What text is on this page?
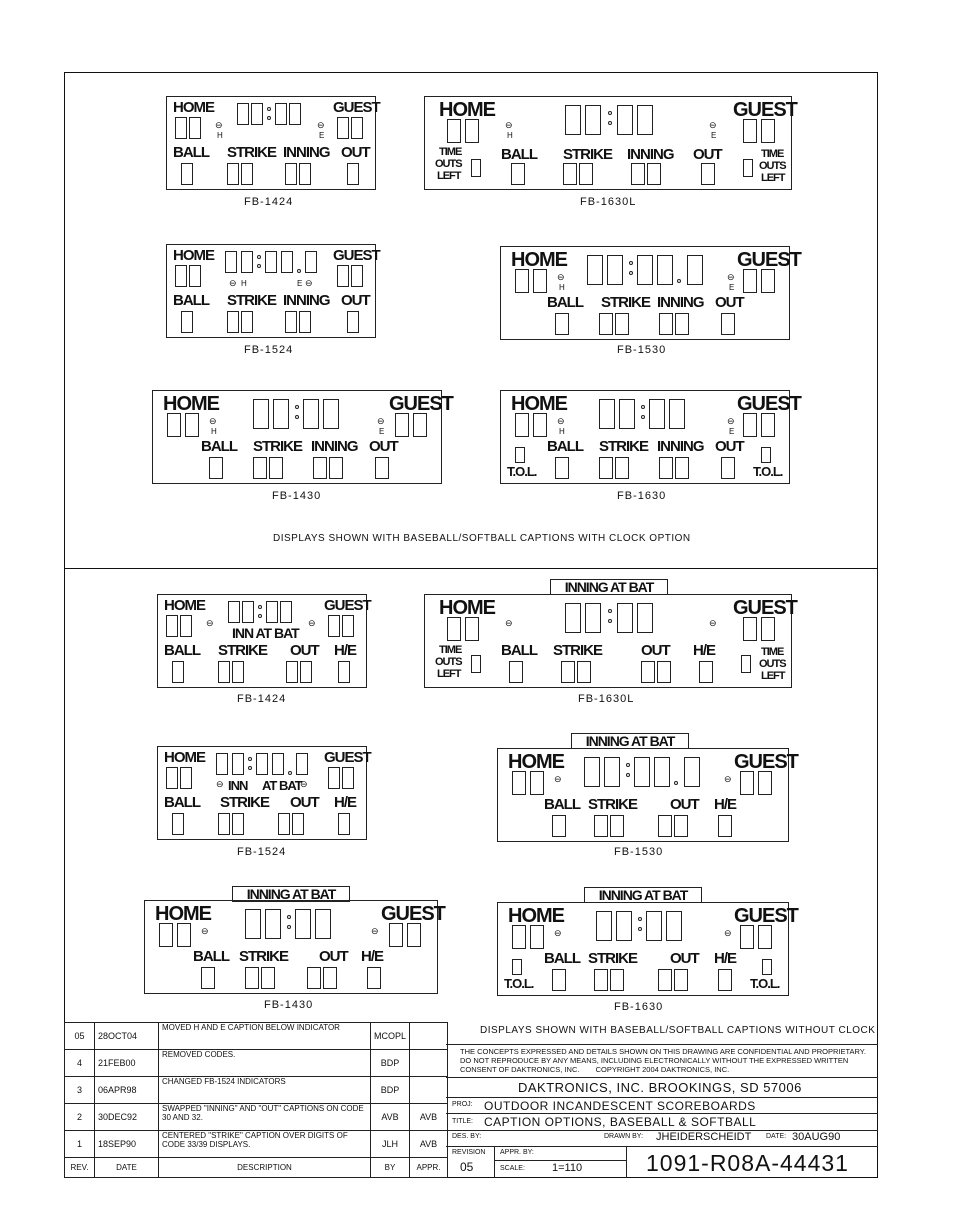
HOME	GUEST
⊖
H
⊖
E
BALL STRIKE INNING OUT
FB-1424
HOME	GUEST
⊖
H
⊖
E
TIME
OUTS
LEFT
BALL STRIKE INNING OUT	TIME
OUTS
LEFT
FB-1630L
HOME	GUEST
⊖ H	E ⊖
BALL STRIKE INNING OUT
FB-1524
HOME	GUEST
⊖
H
⊖
E
BALL STRIKE INNING OUT
FB-1530
HOME	GUEST
⊖
H
⊖
E
BALL STRIKE INNING OUT
FB-1430
HOME	GUEST
⊖
H
⊖
E
BALL STRIKE INNING OUT
T.O.L.	T.O.L.
FB-1630
DISPLAYS SHOWN WITH BASEBALL/SOFTBALL CAPTIONS WITH CLOCK OPTION
HOME	GUEST
⊖	⊖
INN AT BAT
BALL STRIKE OUT H/E
FB-1424
INNING AT BAT
HOME	GUEST
⊖	⊖
TIME
OUTS
LEFT
BALL STRIKE	OUT H/E	TIME
OUTS
LEFT
FB-1630L
HOME	GUEST
⊖ INN AT BAT
⊖
BALL STRIKE OUT H/E
FB-1524
INNING AT BAT
HOME	GUEST
⊖	⊖
BALL STRIKE OUT H/E
FB-1530
INNING AT BAT
HOME	GUEST
⊖	⊖
BALL STRIKE OUT H/E
FB-1430
INNING AT BAT
HOME	GUEST
⊖	⊖
BALL STRIKE OUT H/E
T.O.L.	T.O.L.
FB-1630
DISPLAYS SHOWN WITH BASEBALL/SOFTBALL CAPTIONS WITHOUT CLOCK
05	28OCT04	MOVED H AND E CAPTION BELOW INDICATOR	MCOPL	
4	21FEB00	REMOVED CODES.	BDP	
3	06APR98	CHANGED FB-1524 INDICATORS	BDP	
2	30DEC92	SWAPPED "INNING" AND "OUT" CAPTIONS ON CODE 30 AND 32.	AVB	AVB
1	18SEP90	CENTERED "STRIKE" CAPTION OVER DIGITS OF CODE 33/39 DISPLAYS.	JLH	AVB
REV.	DATE	DESCRIPTION	BY	APPR.
THE CONCEPTS EXPRESSED AND DETAILS SHOWN ON THIS DRAWING ARE CONFIDENTIAL AND PROPRIETARY. DO NOT REPRODUCE BY ANY MEANS, INCLUDING ELECTRONICALLY WITHOUT THE EXPRESSED WRITTEN CONSENT OF DAKTRONICS, INC. COPYRIGHT 2004 DAKTRONICS, INC.
DAKTRONICS, INC. BROOKINGS, SD 57006
PROJ: OUTDOOR INCANDESCENT SCOREBOARDS
TITLE: CAPTION OPTIONS, BASEBALL & SOFTBALL
DES. BY:	DRAWN BY: JHEIDERSCHEIDT DATE: 30AUG90
REVISION
05
APPR. BY:
SCALE: 1=110	1091-R08A-44431
